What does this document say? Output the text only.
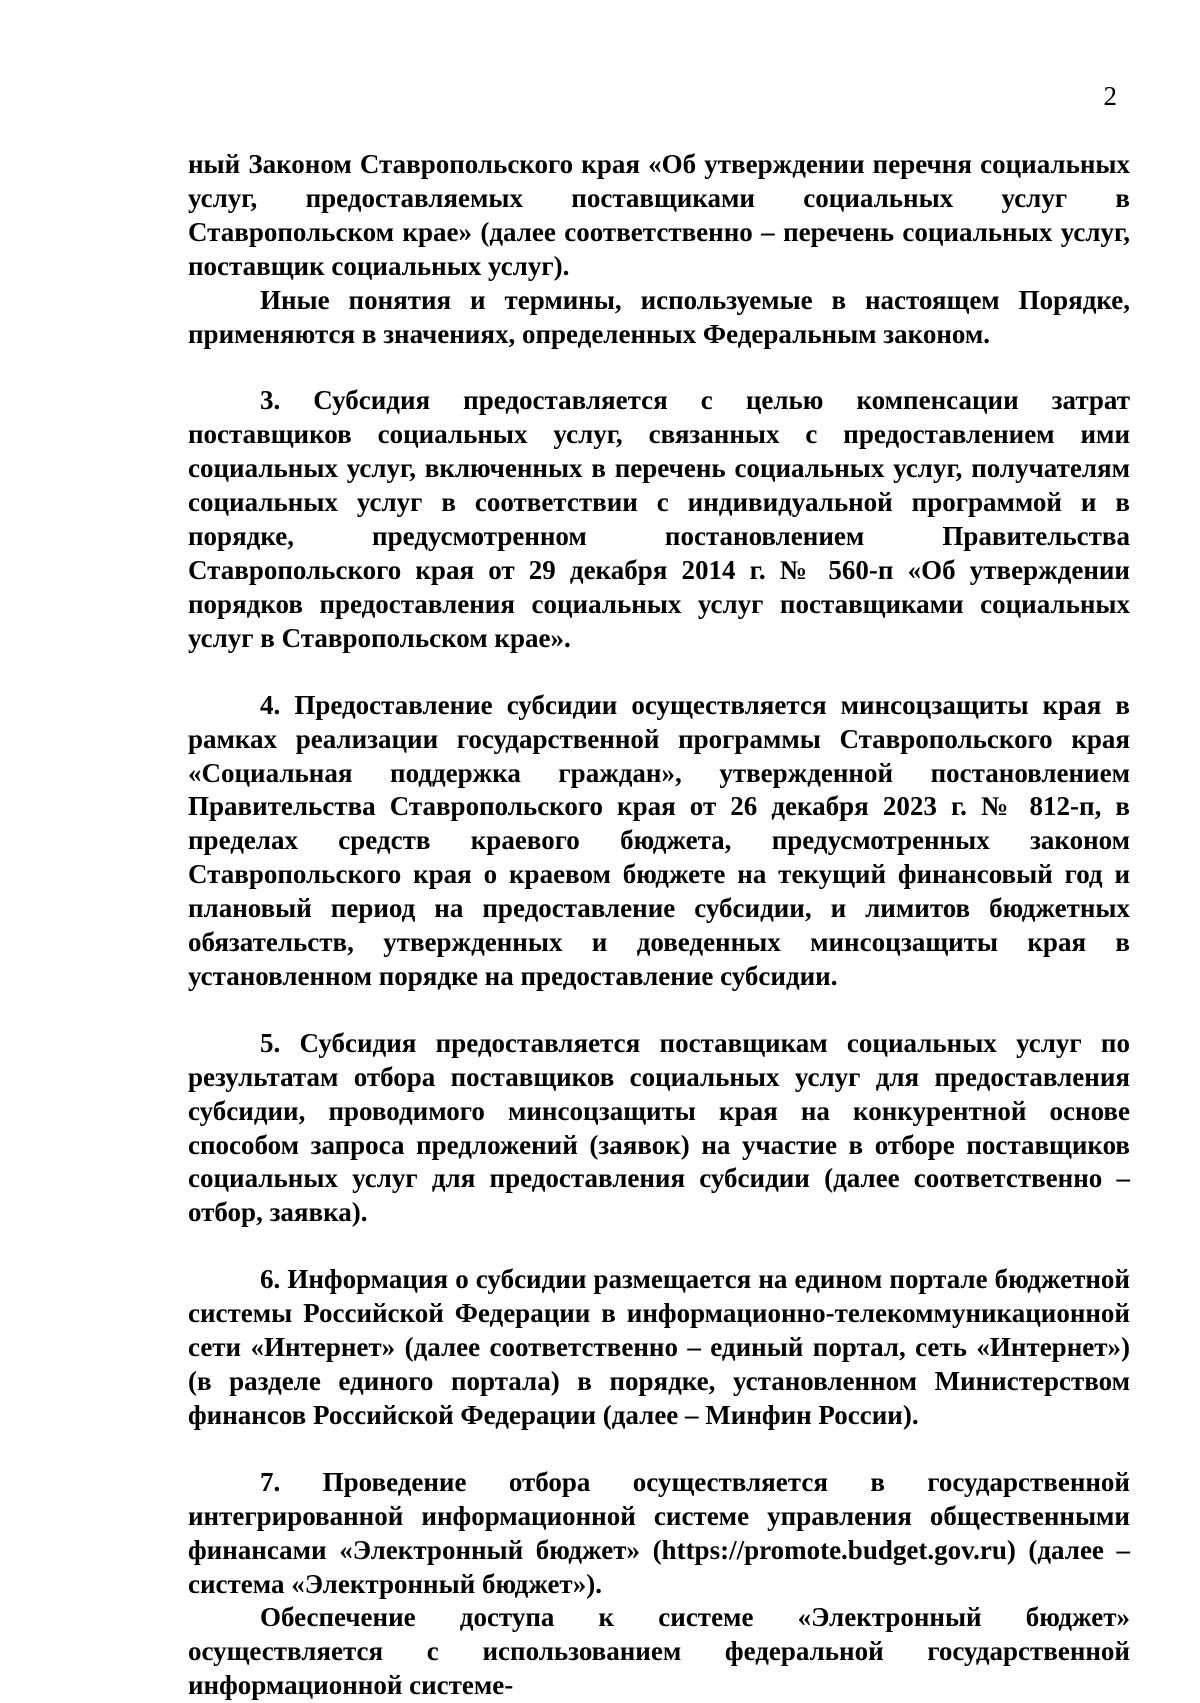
2

ный Законом Ставропольского края «Об утверждении перечня социальных услуг, предоставляемых поставщиками социальных услуг в Ставропольском крае» (далее соответственно – перечень социальных услуг, поставщик социальных услуг).

Иные понятия и термины, используемые в настоящем Порядке, применяются в значениях, определенных Федеральным законом.

3. Субсидия предоставляется с целью компенсации затрат поставщиков социальных услуг, связанных с предоставлением ими социальных услуг, включенных в перечень социальных услуг, получателям социальных услуг в соответствии с индивидуальной программой и в порядке, предусмотренном постановлением Правительства Ставропольского края от 29 декабря 2014 г. № 560-п «Об утверждении порядков предоставления социальных услуг поставщиками социальных услуг в Ставропольском крае».

4. Предоставление субсидии осуществляется минсоцзащиты края в рамках реализации государственной программы Ставропольского края «Социальная поддержка граждан», утвержденной постановлением Правительства Ставропольского края от 26 декабря 2023 г. № 812-п, в пределах средств краевого бюджета, предусмотренных законом Ставропольского края о краевом бюджете на текущий финансовый год и плановый период на предоставление субсидии, и лимитов бюджетных обязательств, утвержденных и доведенных минсоцзащиты края в установленном порядке на предоставление субсидии.

5. Субсидия предоставляется поставщикам социальных услуг по результатам отбора поставщиков социальных услуг для предоставления субсидии, проводимого минсоцзащиты края на конкурентной основе способом запроса предложений (заявок) на участие в отборе поставщиков социальных услуг для предоставления субсидии (далее соответственно – отбор, заявка).

6. Информация о субсидии размещается на едином портале бюджетной системы Российской Федерации в информационно-телекоммуникационной сети «Интернет» (далее соответственно – единый портал, сеть «Интернет») (в разделе единого портала) в порядке, установленном Министерством финансов Российской Федерации (далее – Минфин России).

7. Проведение отбора осуществляется в государственной интегрированной информационной системе управления общественными финансами «Электронный бюджет» (https://promote.budget.gov.ru) (далее – система «Электронный бюджет»).

Обеспечение доступа к системе «Электронный бюджет» осуществляется с использованием федеральной государственной информационной системе-
